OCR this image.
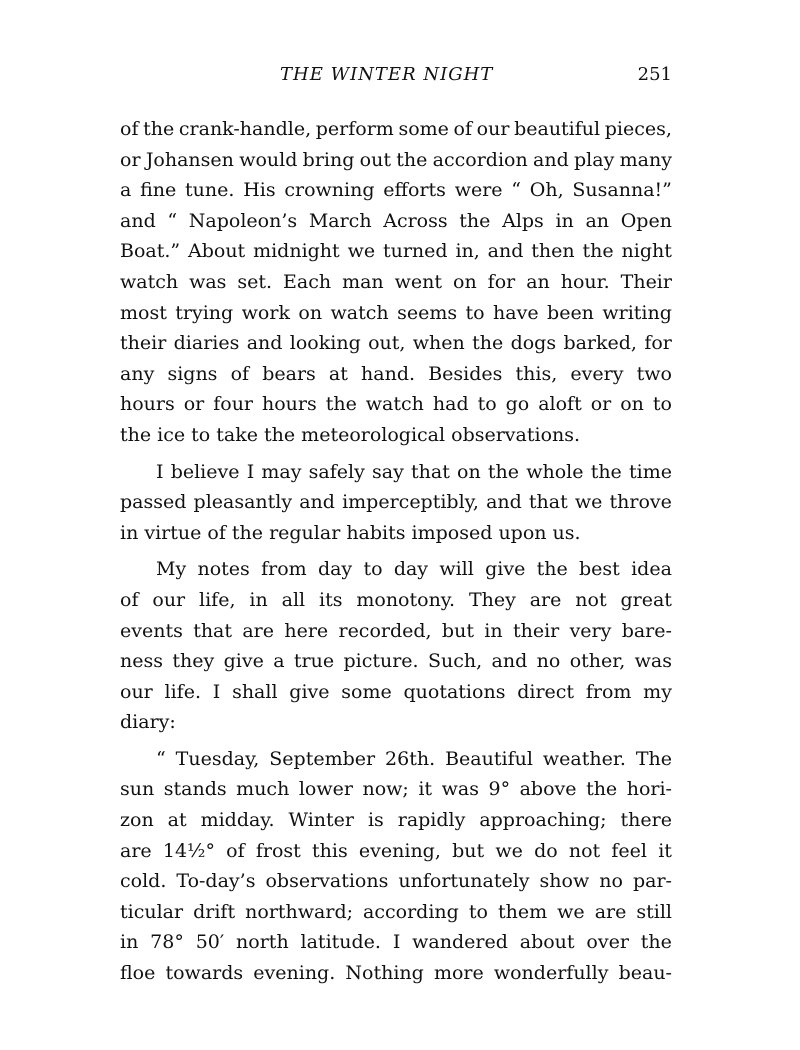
THE WINTER NIGHT	251
of the crank-handle, perform some of our beautiful pieces,
or Johansen would bring out the accordion and play many
a fine tune. His crowning efforts were “ Oh, Susanna!”
and “ Napoleon’s March Across the Alps in an Open
Boat.” About midnight we turned in, and then the night
watch was set. Each man went on for an hour. Their
most trying work on watch seems to have been writing
their diaries and looking out, when the dogs barked, for
any signs of bears at hand. Besides this, every two
hours or four hours the watch had to go aloft or on to
the ice to take the meteorological observations.
I believe I may safely say that on the whole the time
passed pleasantly and imperceptibly, and that we throve
in virtue of the regular habits imposed upon us.
My notes from day to day will give the best idea
of our life, in all its monotony. They are not great
events that are here recorded, but in their very bare-
ness they give a true picture. Such, and no other, was
our life. I shall give some quotations direct from my
diary:
“ Tuesday, September 26th. Beautiful weather. The
sun stands much lower now; it was 9° above the hori-
zon at midday. Winter is rapidly approaching; there
are 14½° of frost this evening, but we do not feel it
cold. To-day’s observations unfortunately show no par-
ticular drift northward; according to them we are still
in 78° 50′ north latitude. I wandered about over the
floe towards evening. Nothing more wonderfully beau-
